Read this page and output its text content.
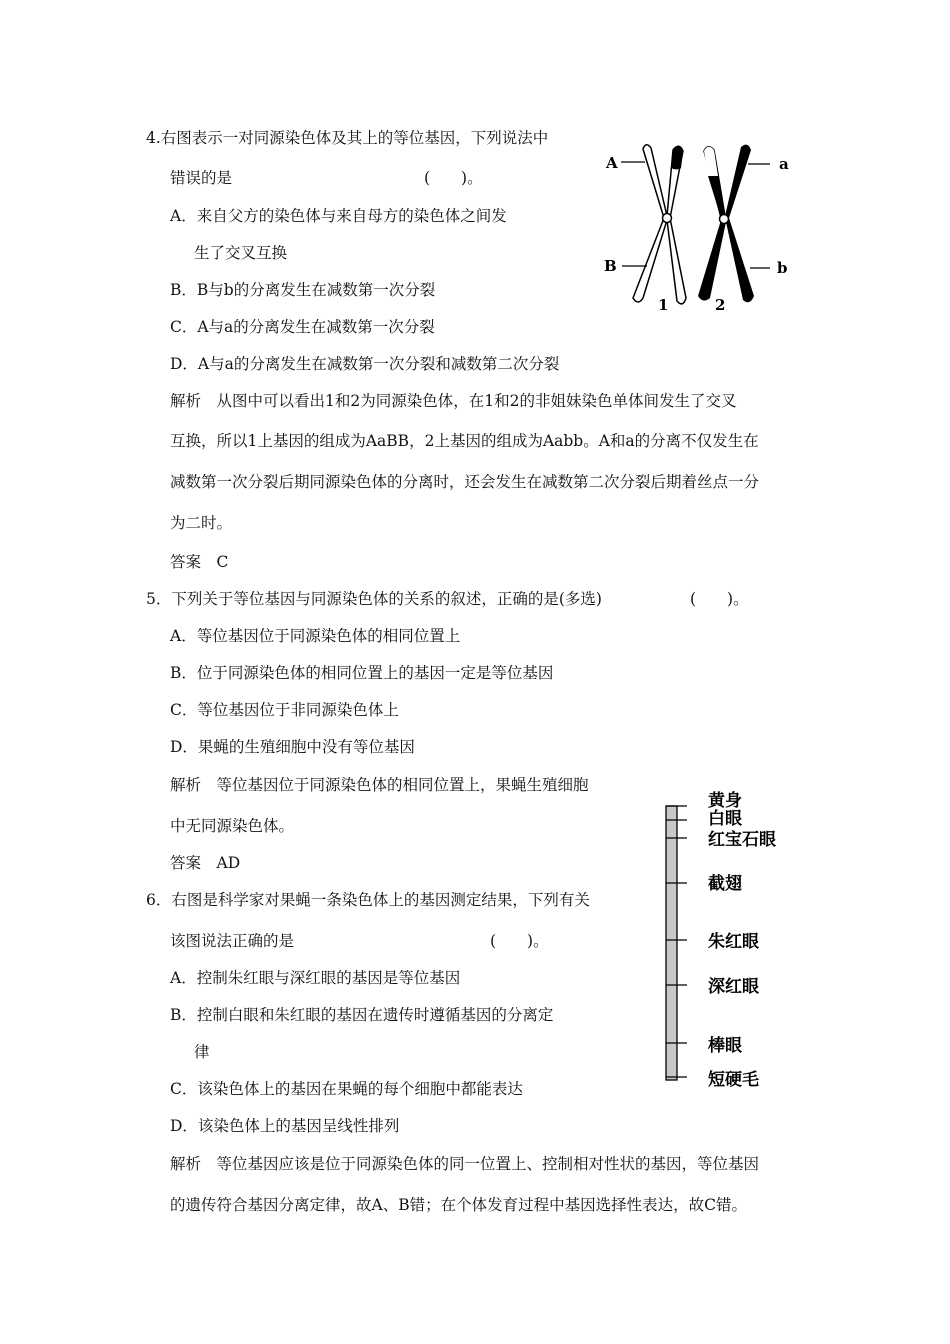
4.右图表示一对同源染色体及其上的等位基因，下列说法中
错误的是	(　　)。
A．来自父方的染色体与来自母方的染色体之间发
生了交叉互换
B．B与b的分离发生在减数第一次分裂
C．A与a的分离发生在减数第一次分裂
D．A与a的分离发生在减数第一次分裂和减数第二次分裂
解析　从图中可以看出1和2为同源染色体，在1和2的非姐妹染色单体间发生了交叉
互换，所以1上基因的组成为AaBB，2上基因的组成为Aabb。A和a的分离不仅发生在
减数第一次分裂后期同源染色体的分离时，还会发生在减数第二次分裂后期着丝点一分
为二时。
答案　C
A
B
a
b
1	2
5．下列关于等位基因与同源染色体的关系的叙述，正确的是(多选)	(　　)。
A．等位基因位于同源染色体的相同位置上
B．位于同源染色体的相同位置上的基因一定是等位基因
C．等位基因位于非同源染色体上
D．果蝇的生殖细胞中没有等位基因
解析　等位基因位于同源染色体的相同位置上，果蝇生殖细胞
中无同源染色体。
答案　AD
6．右图是科学家对果蝇一条染色体上的基因测定结果，下列有关
该图说法正确的是	(　　)。
A．控制朱红眼与深红眼的基因是等位基因
B．控制白眼和朱红眼的基因在遗传时遵循基因的分离定
律
C．该染色体上的基因在果蝇的每个细胞中都能表达
D．该染色体上的基因呈线性排列
解析　等位基因应该是位于同源染色体的同一位置上、控制相对性状的基因，等位基因
的遗传符合基因分离定律，故A、B错；在个体发育过程中基因选择性表达，故C错。
黄身
白眼
红宝石眼
截翅
朱红眼
深红眼
棒眼
短硬毛
